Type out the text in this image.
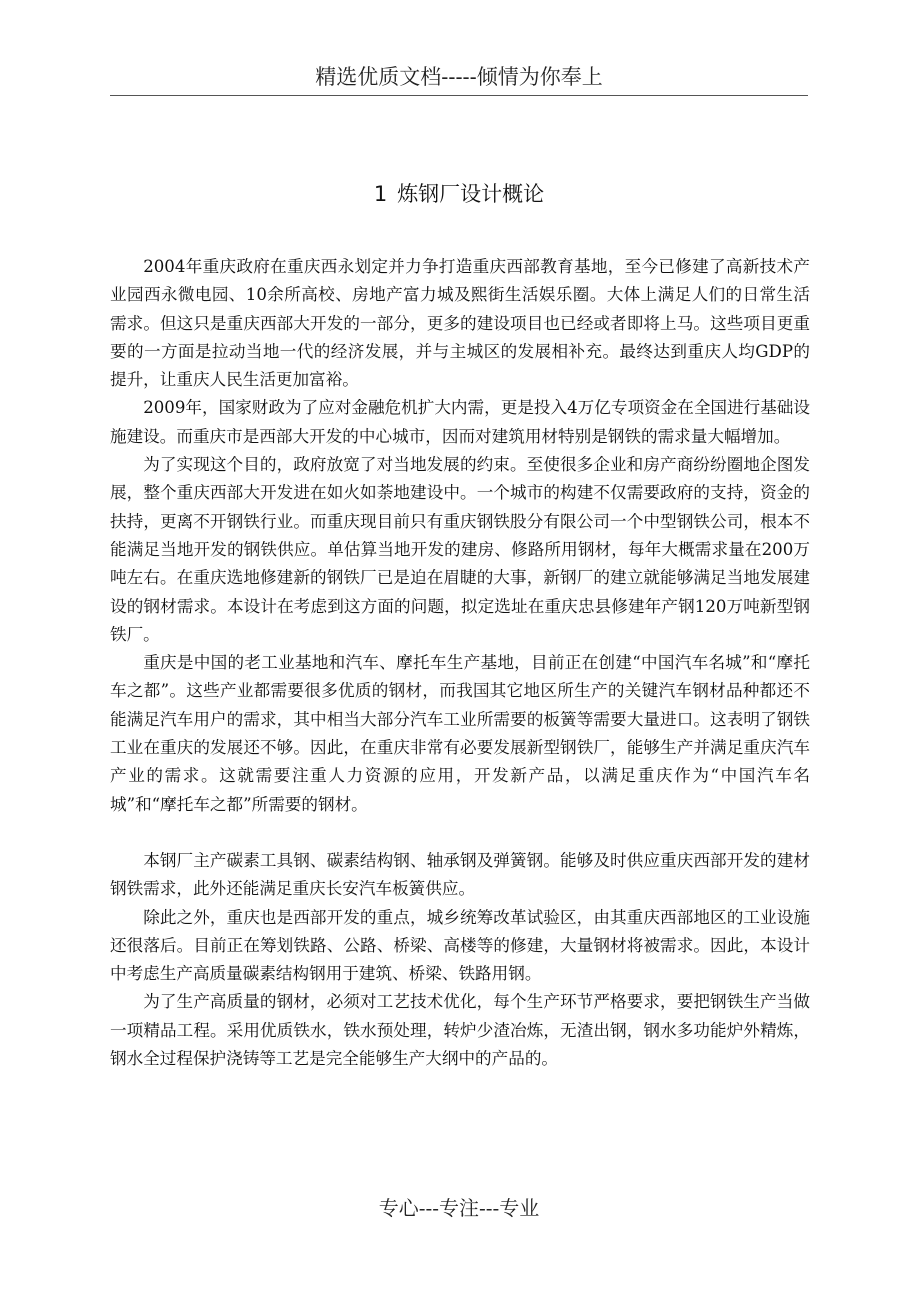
精选优质文档-----倾情为你奉上
1 炼钢厂设计概论

2004年重庆政府在重庆西永划定并力争打造重庆西部教育基地，至今已修建了高新技术产业园西永微电园、10余所高校、房地产富力城及熙街生活娱乐圈。大体上满足人们的日常生活需求。但这只是重庆西部大开发的一部分，更多的建设项目也已经或者即将上马。这些项目更重要的一方面是拉动当地一代的经济发展，并与主城区的发展相补充。最终达到重庆人均GDP的提升，让重庆人民生活更加富裕。

2009年，国家财政为了应对金融危机扩大内需，更是投入4万亿专项资金在全国进行基础设施建设。而重庆市是西部大开发的中心城市，因而对建筑用材特别是钢铁的需求量大幅增加。

为了实现这个目的，政府放宽了对当地发展的约束。至使很多企业和房产商纷纷圈地企图发展，整个重庆西部大开发进在如火如荼地建设中。一个城市的构建不仅需要政府的支持，资金的扶持，更离不开钢铁行业。而重庆现目前只有重庆钢铁股分有限公司一个中型钢铁公司，根本不能满足当地开发的钢铁供应。单估算当地开发的建房、修路所用钢材，每年大概需求量在200万吨左右。在重庆选地修建新的钢铁厂已是迫在眉睫的大事，新钢厂的建立就能够满足当地发展建设的钢材需求。本设计在考虑到这方面的问题，拟定选址在重庆忠县修建年产钢120万吨新型钢铁厂。

重庆是中国的老工业基地和汽车、摩托车生产基地，目前正在创建“中国汽车名城”和“摩托车之都”。这些产业都需要很多优质的钢材，而我国其它地区所生产的关键汽车钢材品种都还不能满足汽车用户的需求，其中相当大部分汽车工业所需要的板簧等需要大量进口。这表明了钢铁工业在重庆的发展还不够。因此，在重庆非常有必要发展新型钢铁厂，能够生产并满足重庆汽车产业的需求。这就需要注重人力资源的应用，开发新产品，以满足重庆作为“中国汽车名城”和“摩托车之都”所需要的钢材。

本钢厂主产碳素工具钢、碳素结构钢、轴承钢及弹簧钢。能够及时供应重庆西部开发的建材钢铁需求，此外还能满足重庆长安汽车板簧供应。

除此之外，重庆也是西部开发的重点，城乡统筹改革试验区，由其重庆西部地区的工业设施还很落后。目前正在筹划铁路、公路、桥梁、高楼等的修建，大量钢材将被需求。因此，本设计中考虑生产高质量碳素结构钢用于建筑、桥梁、铁路用钢。

为了生产高质量的钢材，必须对工艺技术优化，每个生产环节严格要求，要把钢铁生产当做一项精品工程。采用优质铁水，铁水预处理，转炉少渣冶炼，无渣出钢，钢水多功能炉外精炼，钢水全过程保护浇铸等工艺是完全能够生产大纲中的产品的。

专心---专注---专业
